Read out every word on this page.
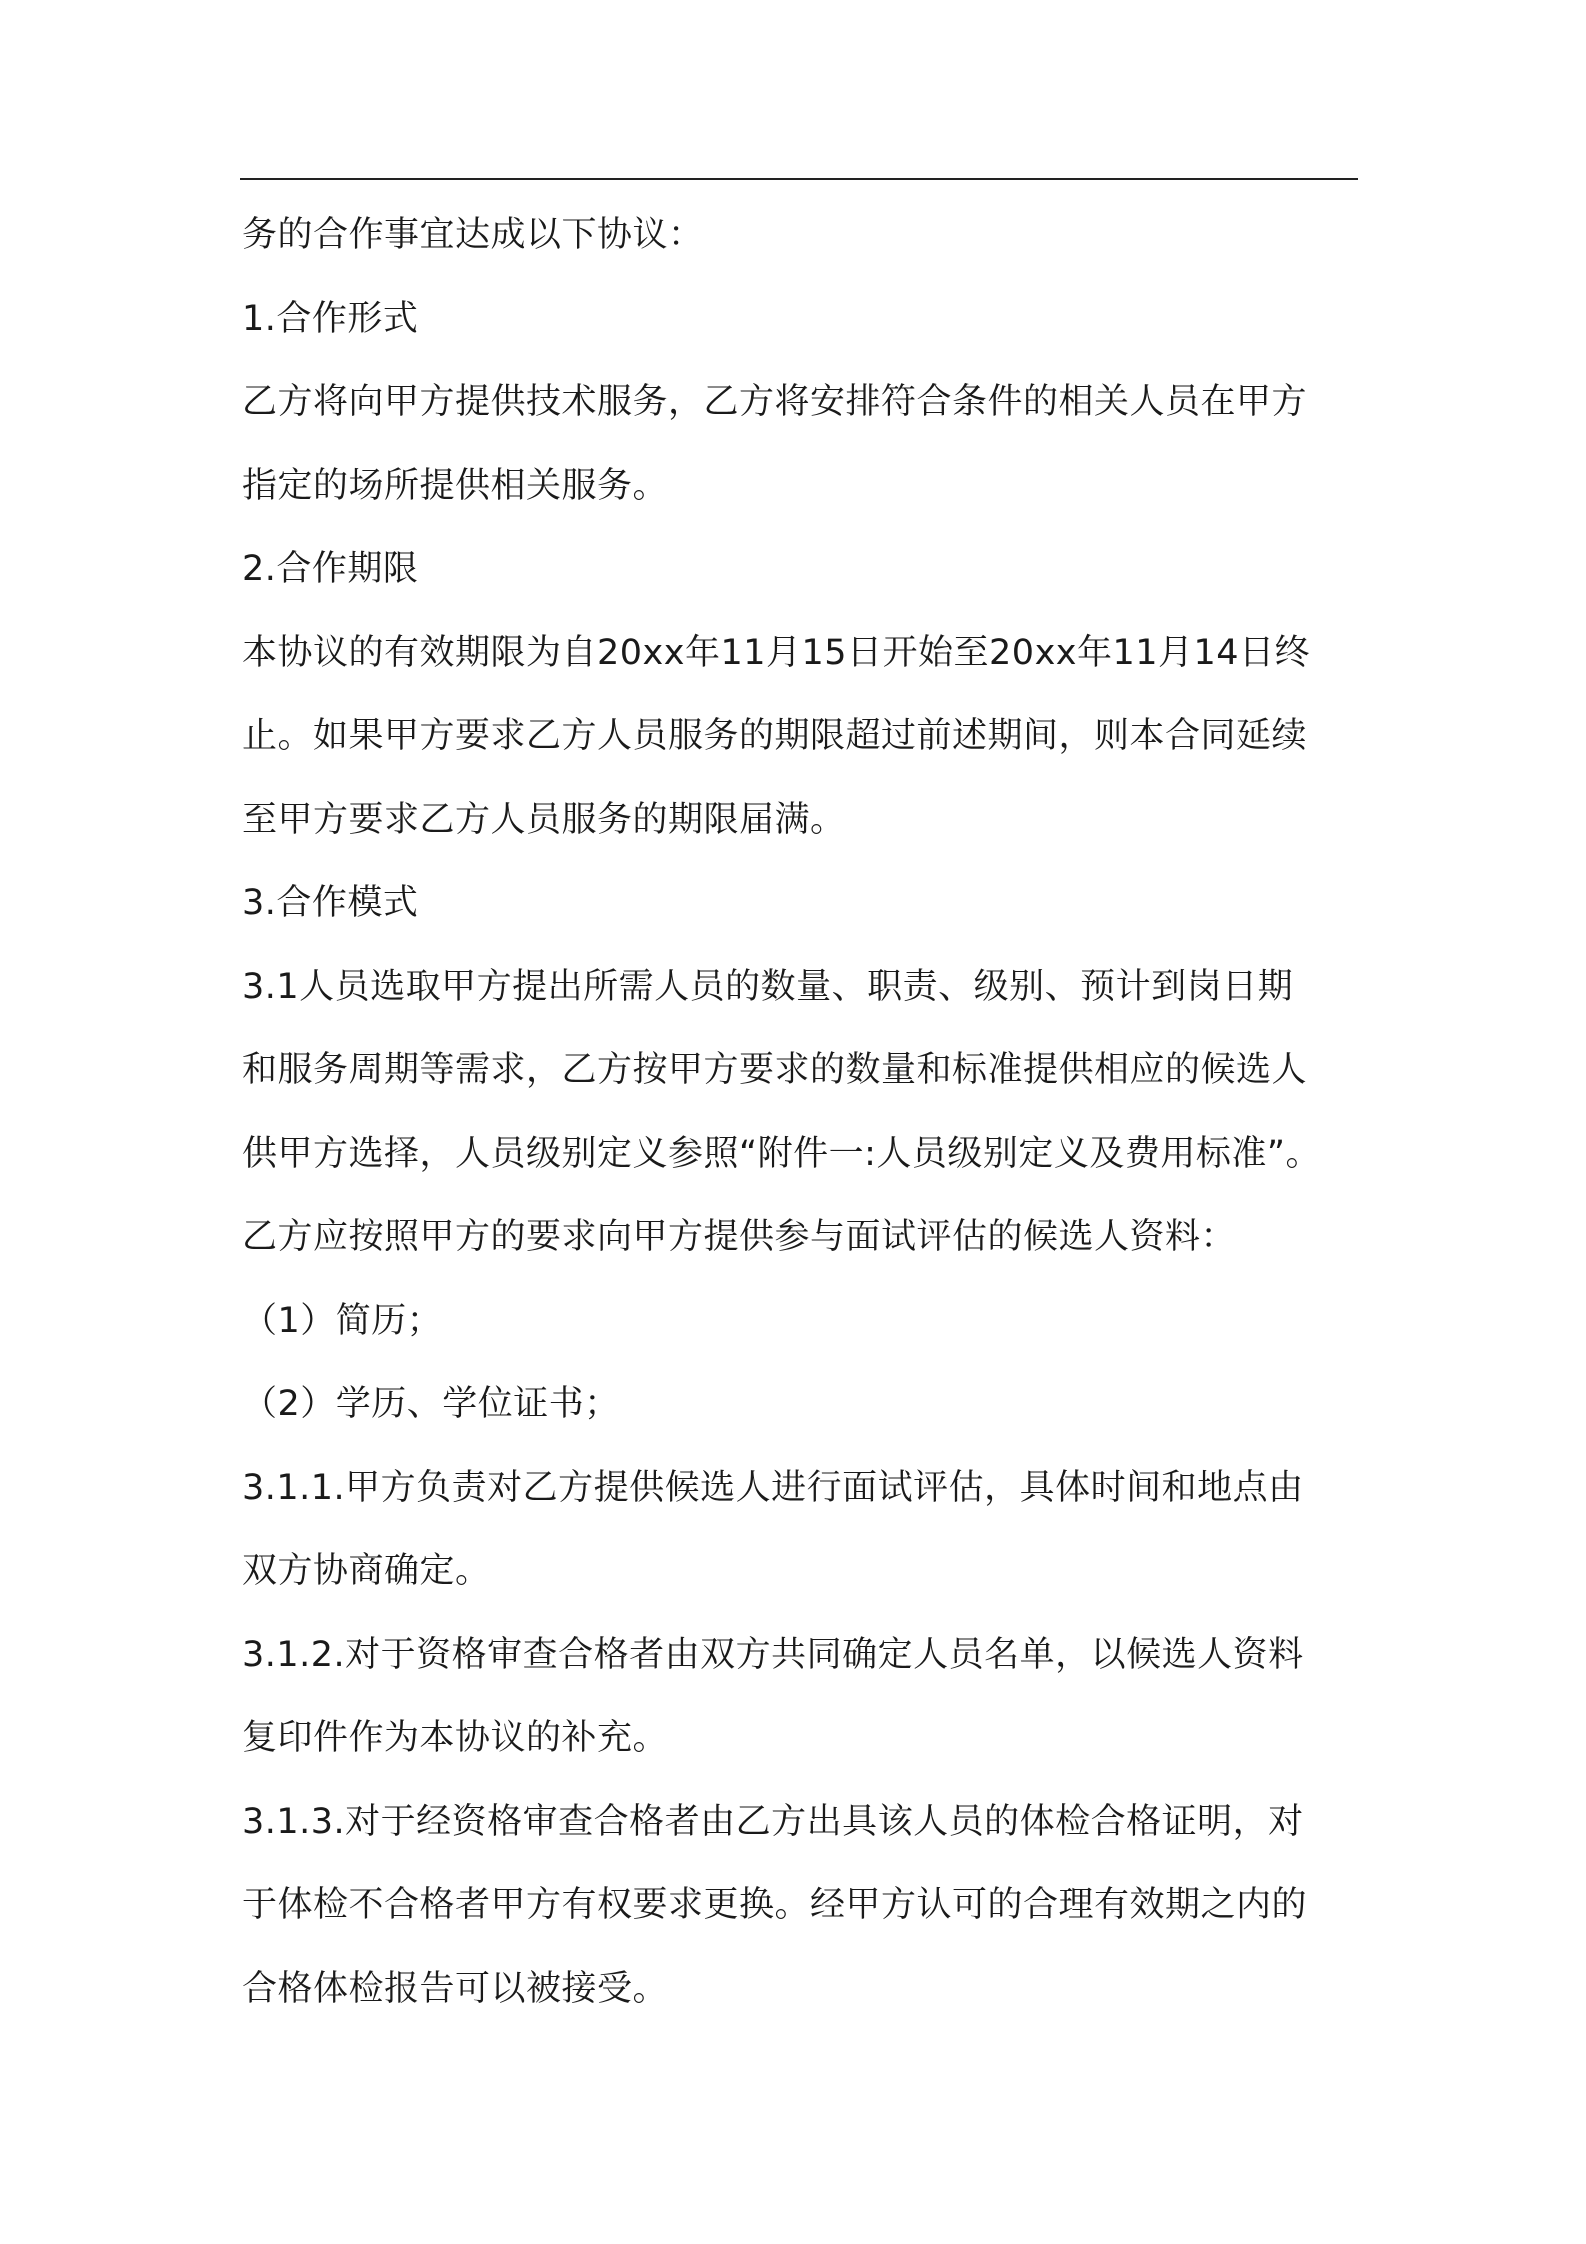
务的合作事宜达成以下协议：
1.合作形式
乙方将向甲方提供技术服务，乙方将安排符合条件的相关人员在甲方
指定的场所提供相关服务。
2.合作期限
本协议的有效期限为自20xx年11月15日开始至20xx年11月14日终
止。如果甲方要求乙方人员服务的期限超过前述期间，则本合同延续
至甲方要求乙方人员服务的期限届满。
3.合作模式
3.1人员选取甲方提出所需人员的数量、职责、级别、预计到岗日期
和服务周期等需求，乙方按甲方要求的数量和标准提供相应的候选人
供甲方选择，人员级别定义参照“附件一:人员级别定义及费用标准”。
乙方应按照甲方的要求向甲方提供参与面试评估的候选人资料：
（1）简历；
（2）学历、学位证书；
3.1.1.甲方负责对乙方提供候选人进行面试评估，具体时间和地点由
双方协商确定。
3.1.2.对于资格审查合格者由双方共同确定人员名单，以候选人资料
复印件作为本协议的补充。
3.1.3.对于经资格审查合格者由乙方出具该人员的体检合格证明，对
于体检不合格者甲方有权要求更换。经甲方认可的合理有效期之内的
合格体检报告可以被接受。
